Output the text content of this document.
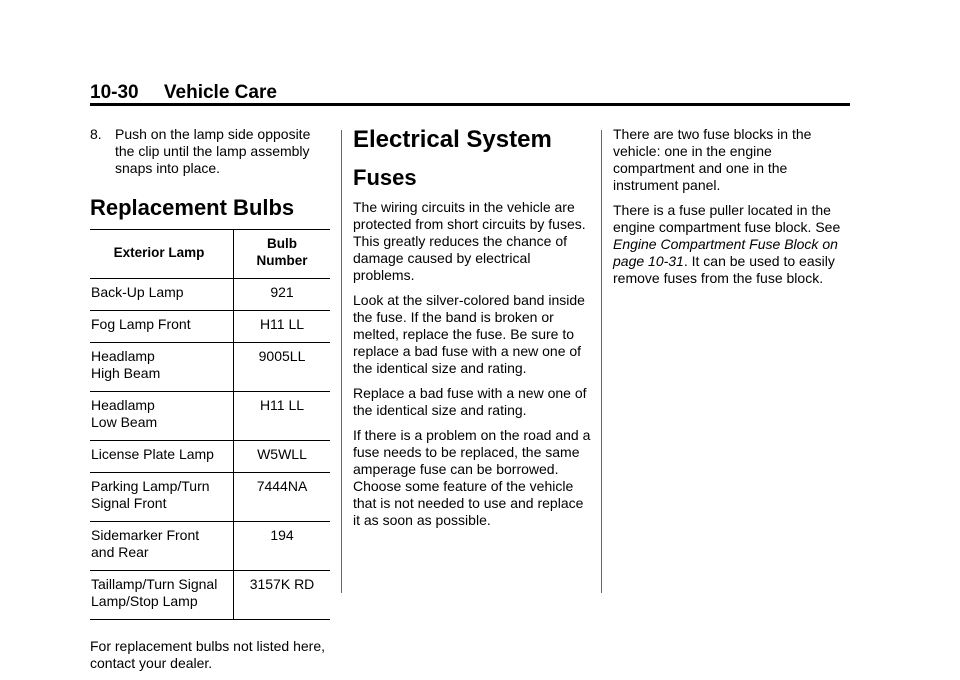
10-30 Vehicle Care
8. Push on the lamp side opposite the clip until the lamp assembly snaps into place.
Replacement Bulbs
Exterior Lamp	Bulb Number
Back-Up Lamp	921
Fog Lamp Front	H11 LL
Headlamp High Beam	9005LL
Headlamp Low Beam	H11 LL
License Plate Lamp	W5WLL
Parking Lamp/Turn Signal Front	7444NA
Sidemarker Front and Rear	194
Taillamp/Turn Signal Lamp/Stop Lamp	3157K RD

For replacement bulbs not listed here, contact your dealer.

Electrical System
Fuses

The wiring circuits in the vehicle are protected from short circuits by fuses. This greatly reduces the chance of damage caused by electrical problems.

Look at the silver-colored band inside the fuse. If the band is broken or melted, replace the fuse. Be sure to replace a bad fuse with a new one of the identical size and rating.

Replace a bad fuse with a new one of the identical size and rating.

If there is a problem on the road and a fuse needs to be replaced, the same amperage fuse can be borrowed. Choose some feature of the vehicle that is not needed to use and replace it as soon as possible.

There are two fuse blocks in the vehicle: one in the engine compartment and one in the instrument panel.

There is a fuse puller located in the engine compartment fuse block. See Engine Compartment Fuse Block on page 10-31. It can be used to easily remove fuses from the fuse block.
